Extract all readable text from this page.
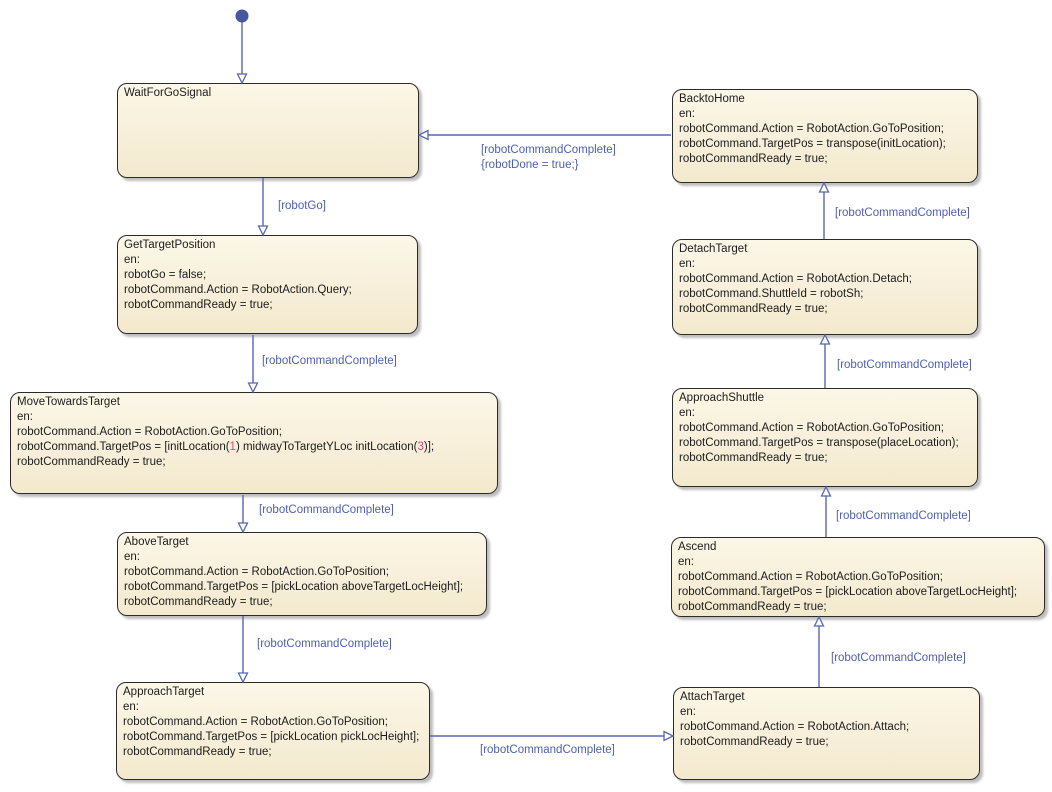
WaitForGoSignal
GetTargetPosition
en:
robotGo = false;
robotCommand.Action = RobotAction.Query;
robotCommandReady = true;
MoveTowardsTarget
en:
robotCommand.Action = RobotAction.GoToPosition;
robotCommand.TargetPos = [initLocation(1) midwayToTargetYLoc initLocation(3)];
robotCommandReady = true;
AboveTarget
en:
robotCommand.Action = RobotAction.GoToPosition;
robotCommand.TargetPos = [pickLocation aboveTargetLocHeight];
robotCommandReady = true;
ApproachTarget
en:
robotCommand.Action = RobotAction.GoToPosition;
robotCommand.TargetPos = [pickLocation pickLocHeight];
robotCommandReady = true;
AttachTarget
en:
robotCommand.Action = RobotAction.Attach;
robotCommandReady = true;
Ascend
en:
robotCommand.Action = RobotAction.GoToPosition;
robotCommand.TargetPos = [pickLocation aboveTargetLocHeight];
robotCommandReady = true;
ApproachShuttle
en:
robotCommand.Action = RobotAction.GoToPosition;
robotCommand.TargetPos = transpose(placeLocation);
robotCommandReady = true;
DetachTarget
en:
robotCommand.Action = RobotAction.Detach;
robotCommand.ShuttleId = robotSh;
robotCommandReady = true;
BacktoHome
en:
robotCommand.Action = RobotAction.GoToPosition;
robotCommand.TargetPos = transpose(initLocation);
robotCommandReady = true;
[robotGo]
[robotCommandComplete]
[robotCommandComplete]
[robotCommandComplete]
[robotCommandComplete]
[robotCommandComplete]
[robotCommandComplete]
[robotCommandComplete]
[robotCommandComplete]
[robotCommandComplete]
{robotDone = true;}
